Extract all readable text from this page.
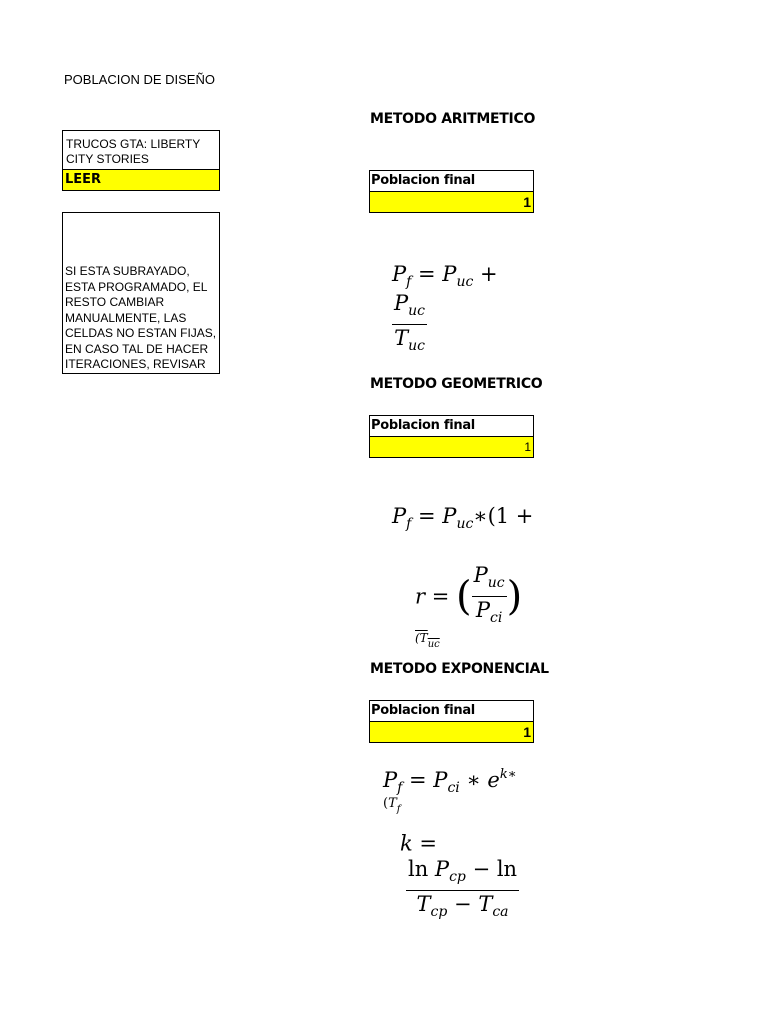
POBLACION DE DISEÑO
TRUCOS GTA: LIBERTY CITY STORIES
LEER
SI ESTA SUBRAYADO, ESTA PROGRAMADO, EL RESTO CAMBIAR MANUALMENTE, LAS CELDAS NO ESTAN FIJAS, EN CASO TAL DE HACER ITERACIONES, REVISAR
METODO ARITMETICO
Poblacion final
1
$P_f = P_{uc}$ +
$\frac{P_{uc}}{T_{uc}}$
METODO GEOMETRICO
Poblacion final
1
$P_f$ = $P_{uc}∗(1$ +
r = ( $\frac{P_{uc}}{P_{ci}} )^{(T_{uc}}$
METODO EXPONENCIAL
Poblacion final
1
$P_f = P_{ci}$ ∗ $e^{k∗ (T_f}$
k =
$\frac{\ln P_{cp} - \ln}{T_{cp} - T_{ca}}$
